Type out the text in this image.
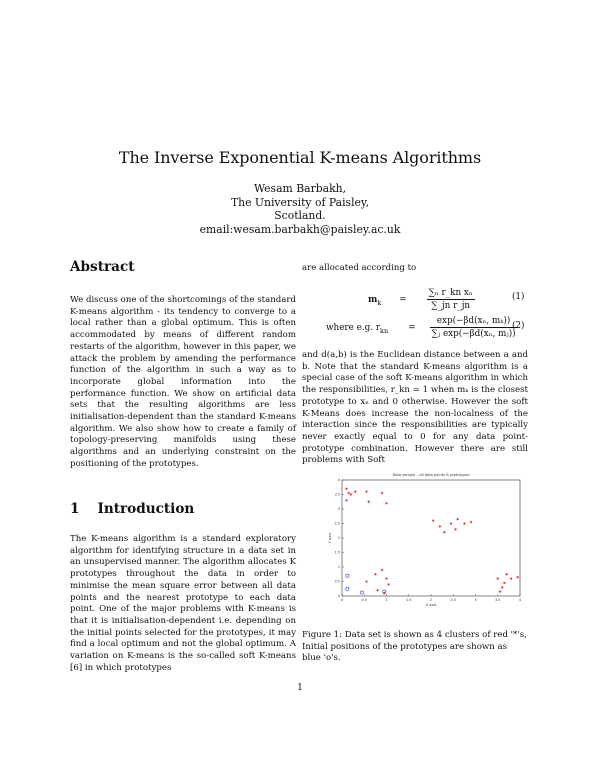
The Inverse Exponential K-means Algorithms
Wesam Barbakh,
The University of Paisley,
Scotland.
email:wesam.barbakh@paisley.ac.uk
Abstract

We discuss one of the shortcomings of the standard K-means algorithm - its tendency to converge to a local rather than a global optimum. This is often accommodated by means of different random restarts of the algorithm, however in this paper, we attack the problem by amending the performance function of the algorithm in such a way as to incorporate global information into the performance function. We show on artificial data sets that the resulting algorithms are less initialisation-dependent than the standard K-means algorithm. We also show how to create a family of topology-preserving manifolds using these algorithms and an underlying constraint on the positioning of the prototypes.

1 Introduction

The K-means algorithm is a standard exploratory algorithm for identifying structure in a data set in an unsupervised manner. The algorithm allocates K prototypes throughout the data in order to minimise the mean square error between all data points and the nearest prototype to each data point. One of the major problems with K-means is that it is initialisation-dependent i.e. depending on the initial points selected for the prototypes, it may find a local optimum and not the global optimum. A variation on K-means is the so-called soft K-means [6] in which prototypes

are allocated according to

m $k = \frac{\text{∑ₙ r\_kn xₙ}}{\text{∑\_jn r\_jn}}$	(1)
where e.g. r kn = $\frac{\text{exp(−βd(xₙ, mₖ))}}{\text{∑ⱼ exp(−βd(xₙ, mⱼ))}}$
(2)

and d(a,b) is the Euclidean distance between a and b. Note that the standard K-means algorithm is a special case of the soft K-means algorithm in which the responsibilities, r_kn = 1 when mₖ is the closest prototype to xₙ and 0 otherwise. However the soft K-Means does increase the non-localness of the interaction since the responsibilities are typically never exactly equal to 0 for any data point-prototype combination. However there are still problems with Soft

Data sample – all data points & prototypes
0	0.5	1	1.5	2	2.5	3	3.5	4
0
0.5
1
1.5
2
2.5
3
3.5
4
X axis
Y axis
Figure 1: Data set is shown as 4 clusters of red '*'s, Initial positions of the prototypes are shown as blue 'o's.
1
